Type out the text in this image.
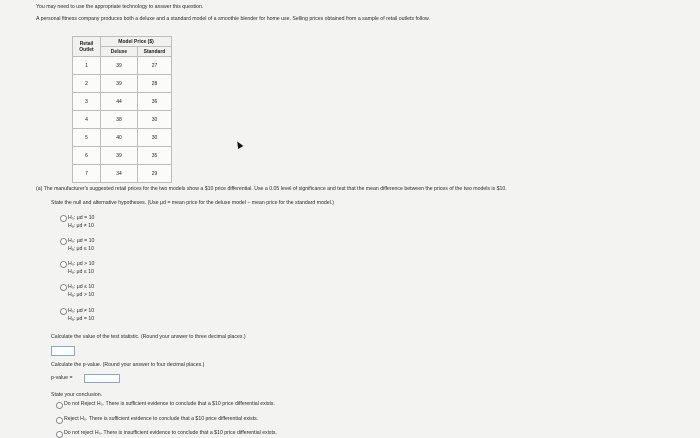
You may need to use the appropriate technology to answer this question.
A personal fitness company produces both a deluxe and a standard model of a smoothie blender for home use. Selling prices obtained from a sample of retail outlets follow.
Retail Outlet	Model Price ($)	
	Deluxe	Standard
1	39	27
2	39	28
3	44	36
4	38	30
5	40	30
6	39	35
7	34	29
(a) The manufacturer's suggested retail prices for the two models show a $10 price differential. Use a 0.05 level of significance and test that the mean difference between the prices of the two models is $10.
State the null and alternative hypotheses. (Use μd = mean price for the deluxe model − mean price for the standard model.)
H₀: μd = 10
Hₐ: μd ≠ 10
H₀: μd = 10
Hₐ: μd ≤ 10
H₀: μd > 10
Hₐ: μd ≤ 10
H₀: μd ≤ 10
Hₐ: μd > 10
H₀: μd ≠ 10
Hₐ: μd = 10
Calculate the value of the test statistic. (Round your answer to three decimal places.)
Calculate the p-value. (Round your answer to four decimal places.)
p-value =
State your conclusion.
Do not Reject H₀. There is sufficient evidence to conclude that a $10 price differential exists.
Reject H₀. There is sufficient evidence to conclude that a $10 price differential exists.
Do not reject H₀. There is insufficient evidence to conclude that a $10 price differential exists.
